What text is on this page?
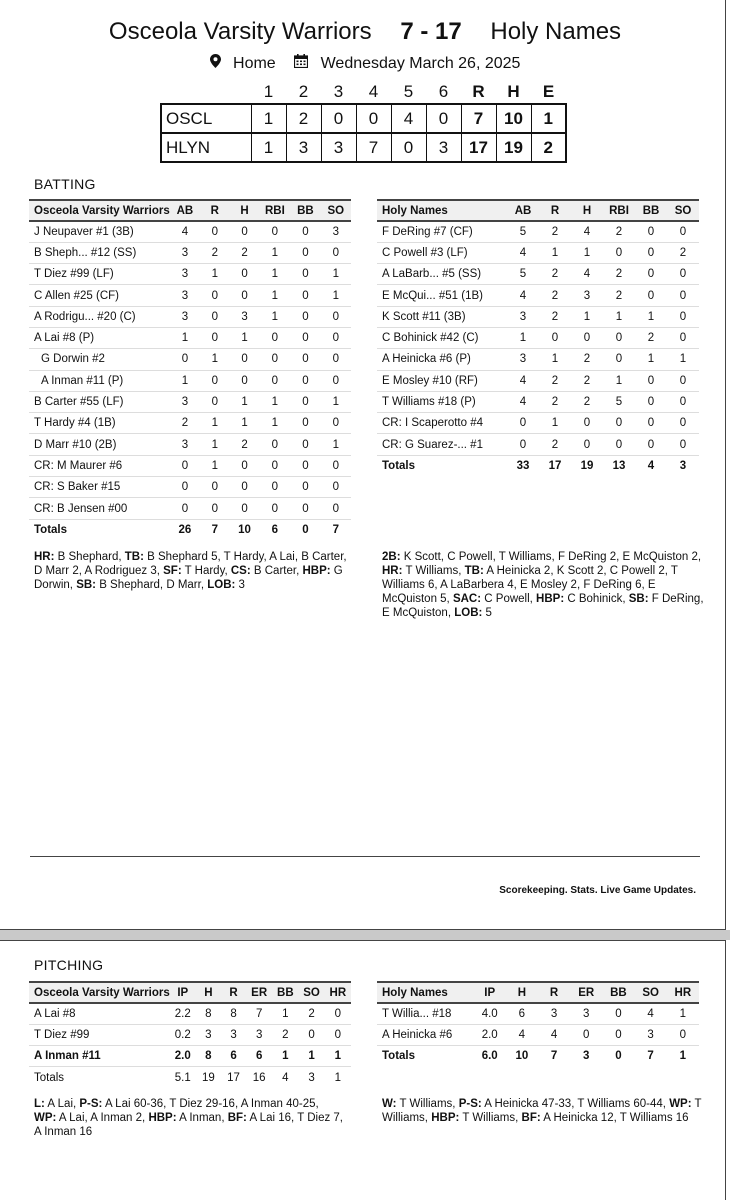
Osceola Varsity Warriors 7 - 17 Holy Names
Home	Wednesday March 26, 2025
	1	2	3	4	5	6	R	H	E
OSCL	1	2	0	0	4	0	7	10	1
HLYN	1	3	3	7	0	3	17	19	2
BATTING
Osceola Varsity Warriors	AB	R	H	RBI	BB	SO
J Neupaver #1 (3B)	4	0	0	0	0	3
B Sheph... #12 (SS)	3	2	2	1	0	0
T Diez #99 (LF)	3	1	0	1	0	1
C Allen #25 (CF)	3	0	0	1	0	1
A Rodrigu... #20 (C)	3	0	3	1	0	0
A Lai #8 (P)	1	0	1	0	0	0
G Dorwin #2	0	1	0	0	0	0
A Inman #11 (P)	1	0	0	0	0	0
B Carter #55 (LF)	3	0	1	1	0	1
T Hardy #4 (1B)	2	1	1	1	0	0
D Marr #10 (2B)	3	1	2	0	0	1
CR: M Maurer #6	0	1	0	0	0	0
CR: S Baker #15	0	0	0	0	0	0
CR: B Jensen #00	0	0	0	0	0	0
Totals	26	7	10	6	0	7
Holy Names	AB	R	H	RBI	BB	SO
F DeRing #7 (CF)	5	2	4	2	0	0
C Powell #3 (LF)	4	1	1	0	0	2
A LaBarb... #5 (SS)	5	2	4	2	0	0
E McQui... #51 (1B)	4	2	3	2	0	0
K Scott #11 (3B)	3	2	1	1	1	0
C Bohinick #42 (C)	1	0	0	0	2	0
A Heinicka #6 (P)	3	1	2	0	1	1
E Mosley #10 (RF)	4	2	2	1	0	0
T Williams #18 (P)	4	2	2	5	0	0
CR: I Scaperotto #4	0	1	0	0	0	0
CR: G Suarez-... #1	0	2	0	0	0	0
Totals	33	17	19	13	4	3
HR: B Shephard, TB: B Shephard 5, T Hardy, A Lai, B Carter, D Marr 2, A Rodriguez 3, SF: T Hardy, CS: B Carter, HBP: G Dorwin, SB: B Shephard, D Marr, LOB: 3
2B: K Scott, C Powell, T Williams, F DeRing 2, E McQuiston 2, HR: T Williams, TB: A Heinicka 2, K Scott 2, C Powell 2, T Williams 6, A LaBarbera 4, E Mosley 2, F DeRing 6, E McQuiston 5, SAC: C Powell, HBP: C Bohinick, SB: F DeRing, E McQuiston, LOB: 5
Scorekeeping. Stats. Live Game Updates.
PITCHING
Osceola Varsity Warriors	IP	H	R	ER	BB	SO	HR
A Lai #8	2.2	8	8	7	1	2	0
T Diez #99	0.2	3	3	3	2	0	0
A Inman #11	2.0	8	6	6	1	1	1
Totals	5.1	19	17	16	4	3	1
Holy Names	IP	H	R	ER	BB	SO	HR
T Willia... #18	4.0	6	3	3	0	4	1
A Heinicka #6	2.0	4	4	0	0	3	0
Totals	6.0	10	7	3	0	7	1
L: A Lai, P-S: A Lai 60-36, T Diez 29-16, A Inman 40-25, WP: A Lai, A Inman 2, HBP: A Inman, BF: A Lai 16, T Diez 7, A Inman 16
W: T Williams, P-S: A Heinicka 47-33, T Williams 60-44, WP: T Williams, HBP: T Williams, BF: A Heinicka 12, T Williams 16
